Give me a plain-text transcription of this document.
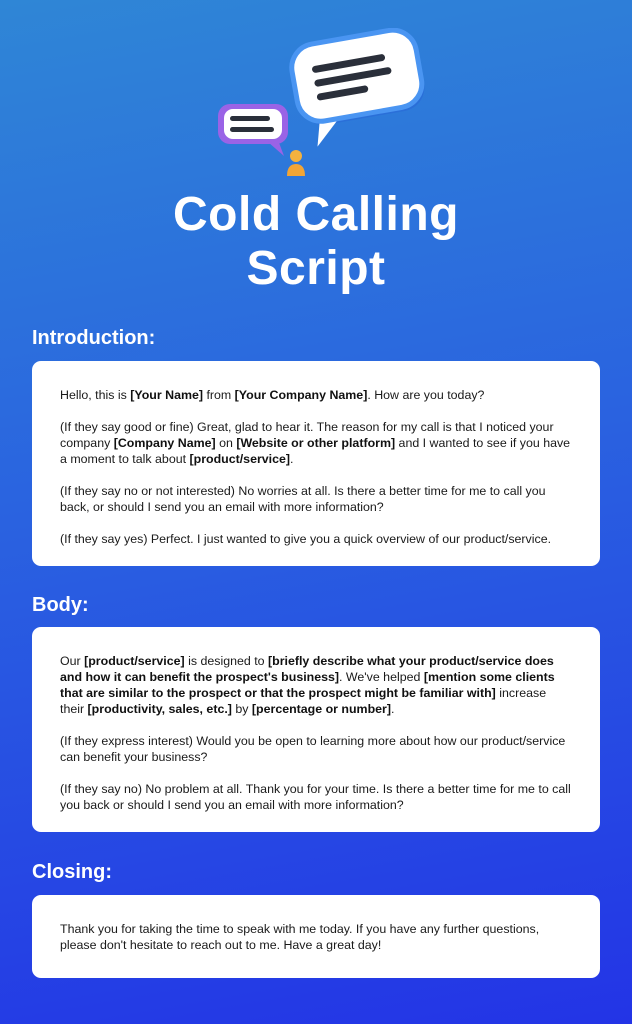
Cold Calling
Script
Introduction:

Hello, this is [Your Name] from [Your Company Name]. How are you today?

(If they say good or fine) Great, glad to hear it. The reason for my call is that I noticed your company [Company Name] on [Website or other platform] and I wanted to see if you have a moment to talk about [product/service].

(If they say no or not interested) No worries at all. Is there a better time for me to call you back, or should I send you an email with more information?

(If they say yes) Perfect. I just wanted to give you a quick overview of our product/service.

Body:

Our [product/service] is designed to [briefly describe what your product/service does and how it can benefit the prospect's business]. We've helped [mention some clients that are similar to the prospect or that the prospect might be familiar with] increase their [productivity, sales, etc.] by [percentage or number].

(If they express interest) Would you be open to learning more about how our product/service can benefit your business?

(If they say no) No problem at all. Thank you for your time. Is there a better time for me to call you back or should I send you an email with more information?

Closing:

Thank you for taking the time to speak with me today. If you have any further questions, please don't hesitate to reach out to me. Have a great day!
